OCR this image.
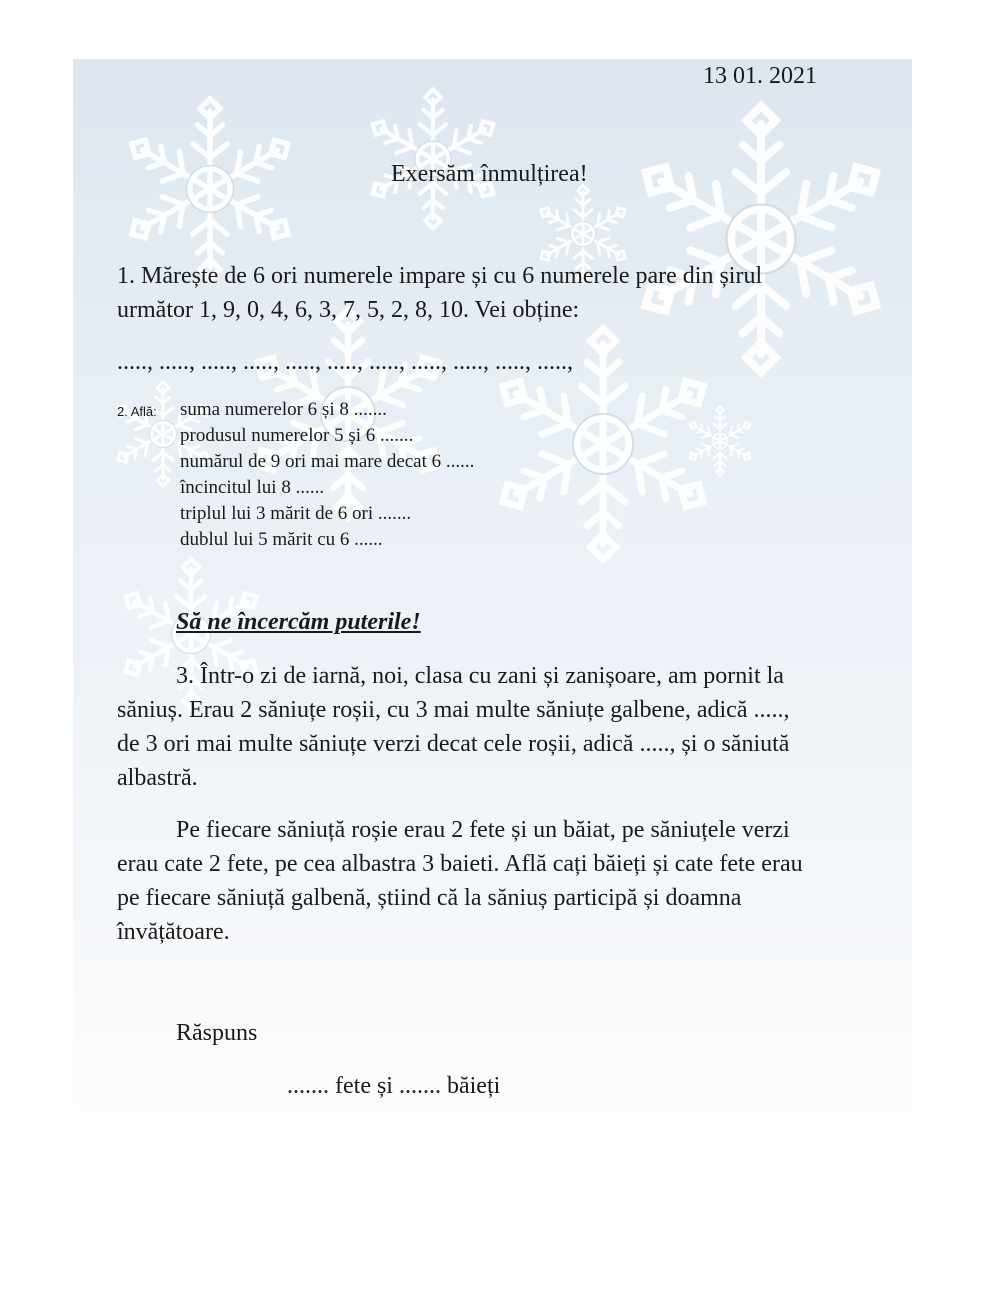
13 01. 2021
Exersăm înmulțirea!
1. Mărește de 6 ori numerele impare și cu 6 numerele pare din șirul
următor 1, 9, 0, 4, 6, 3, 7, 5, 2, 8, 10. Vei obține:
....., ....., ....., ....., ....., ....., ....., ....., ....., ....., .....,
2. Află: suma numerelor 6 și 8 .......
produsul numerelor 5 și 6 .......
numărul de 9 ori mai mare decat 6 ......
încincitul lui 8 ......
triplul lui 3 mărit de 6 ori .......
dublul lui 5 mărit cu 6 ......
Să ne încercăm puterile!
3. Într-o zi de iarnă, noi, clasa cu zani și zanișoare, am pornit la
săniuș. Erau 2 săniuțe roșii, cu 3 mai multe săniuțe galbene, adică .....,
de 3 ori mai multe săniuțe verzi decat cele roșii, adică ....., și o săniută
albastră.
Pe fiecare săniuță roșie erau 2 fete și un băiat, pe săniuțele verzi
erau cate 2 fete, pe cea albastra 3 baieti. Află cați băieți și cate fete erau
pe fiecare săniuță galbenă, știind că la săniuș participă și doamna
învățătoare.
Răspuns
....... fete și ....... băieți
